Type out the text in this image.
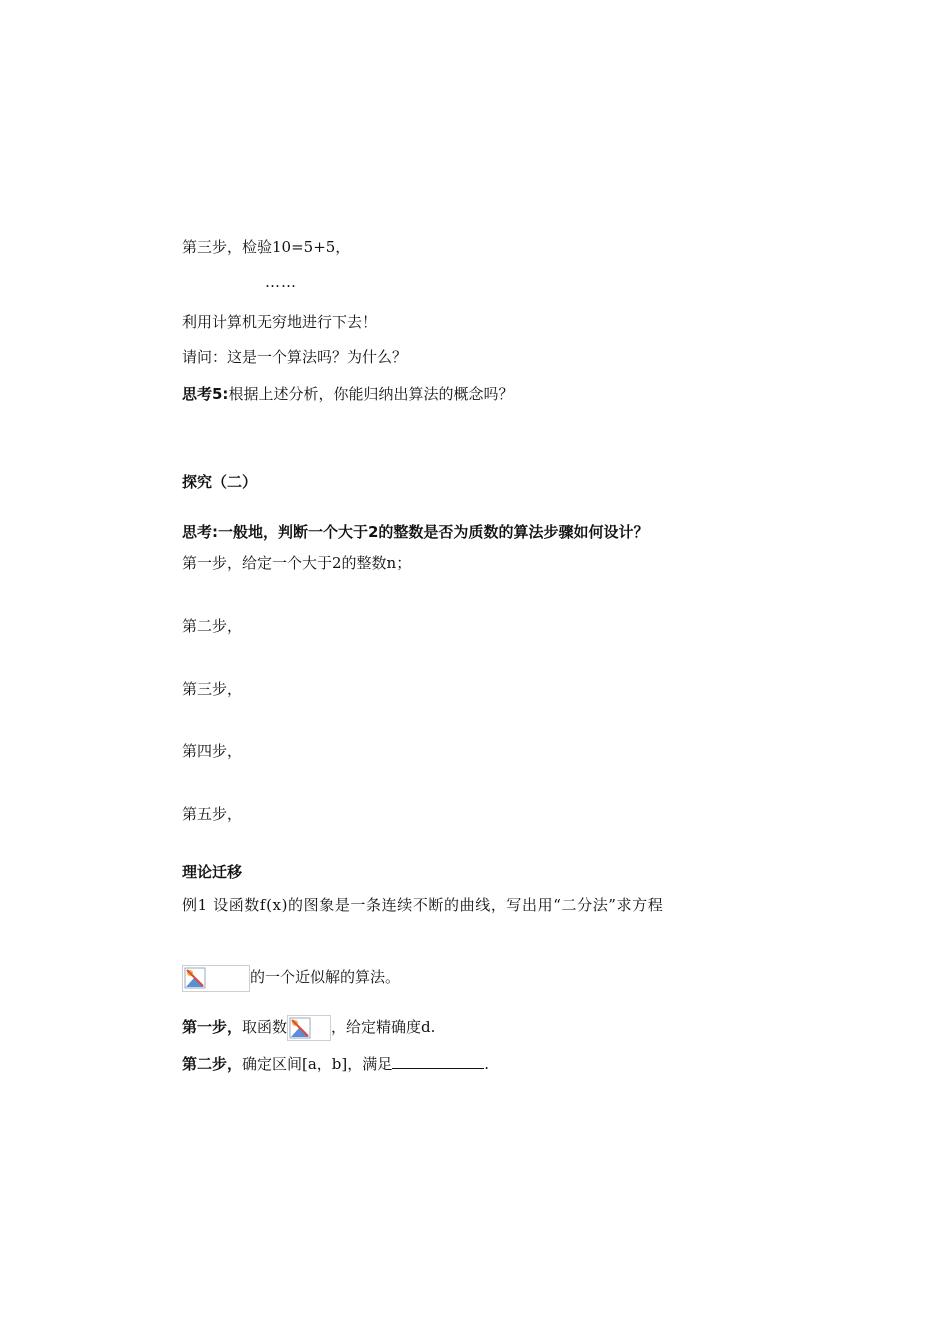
第三步，检验10=5+5，
……
利用计算机无穷地进行下去！
请问：这是一个算法吗？为什么？
思考5:根据上述分析，你能归纳出算法的概念吗？
探究（二）
思考:一般地，判断一个大于2的整数是否为质数的算法步骤如何设计？
第一步，给定一个大于2的整数n；
第二步，
第三步，
第四步，
第五步，
理论迁移
例1 设函数f(x)的图象是一条连续不断的曲线，写出用“二分法”求方程
的一个近似解的算法。
第一步，取函数	，给定精确度d.
第二步，确定区间[a，b]，满足	.
